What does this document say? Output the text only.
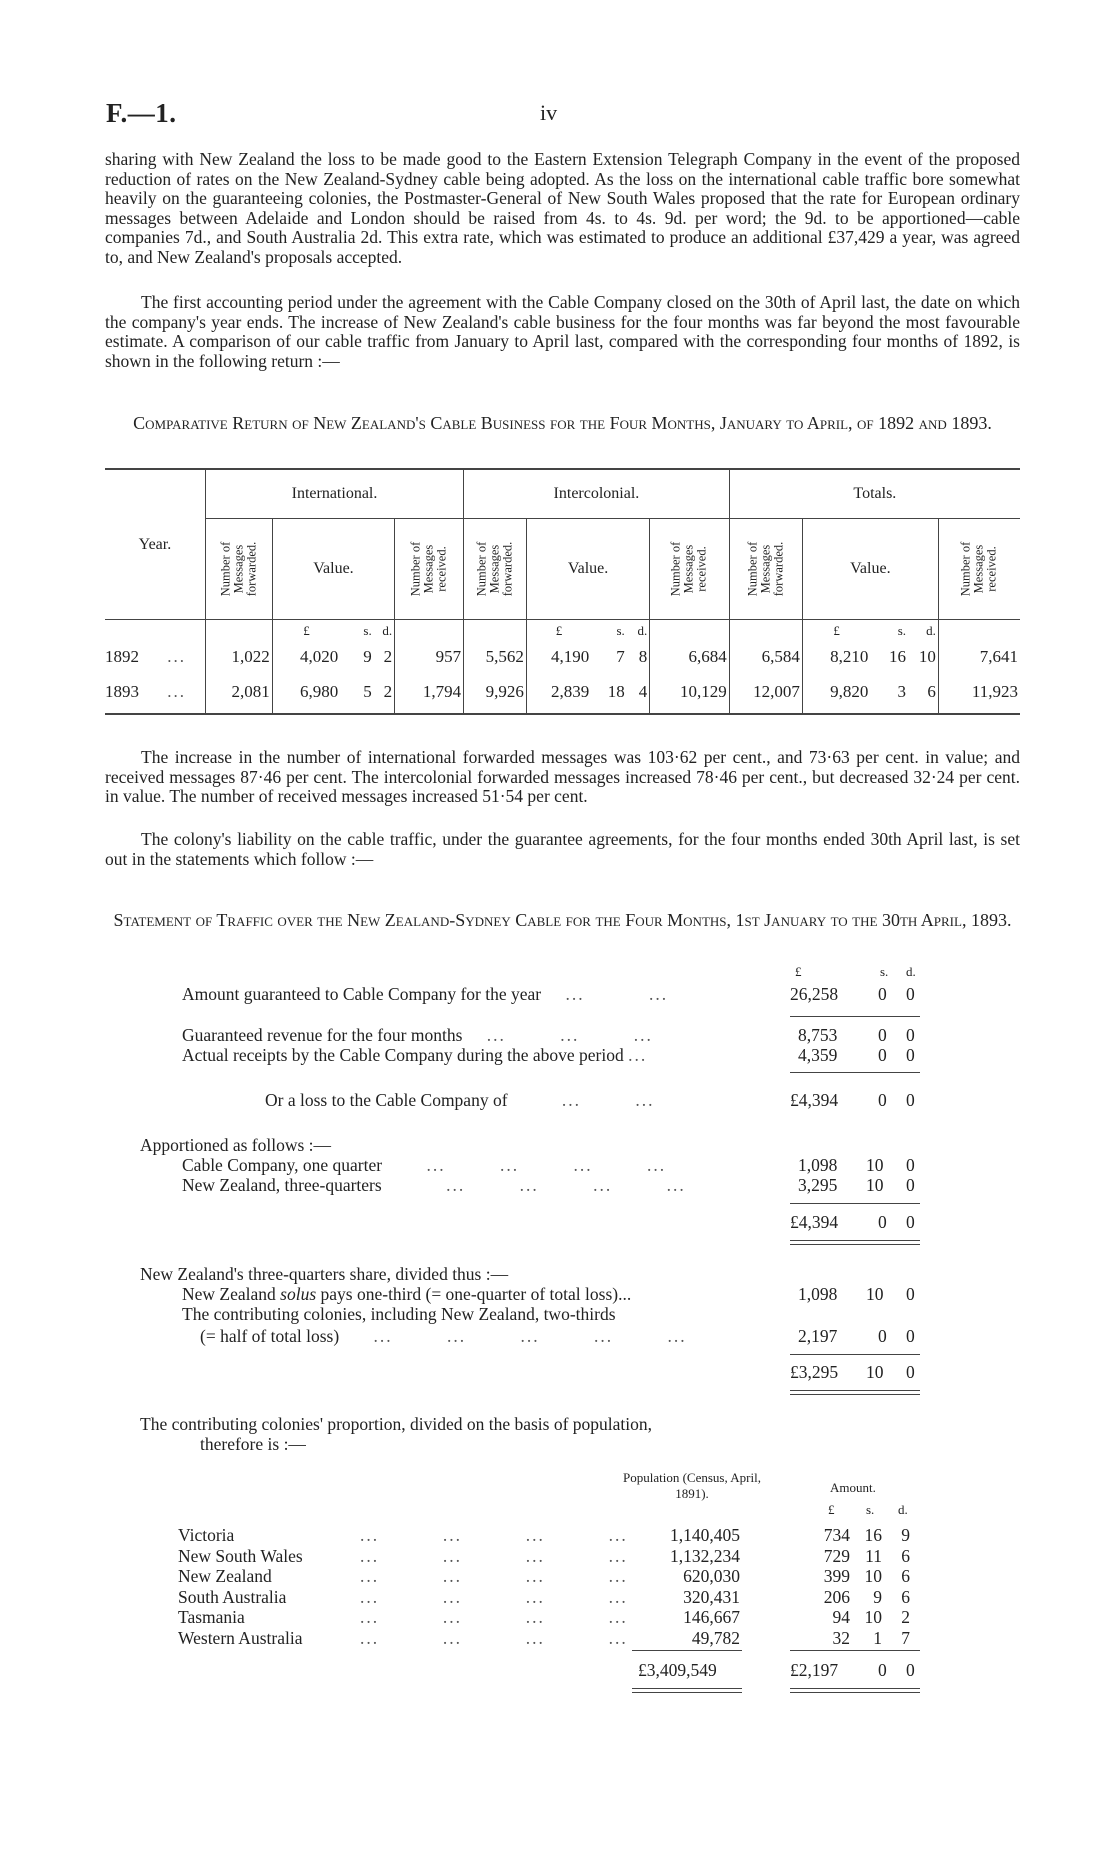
F.—1.	iv

sharing with New Zealand the loss to be made good to the Eastern Extension Telegraph Company in the event of the proposed reduction of rates on the New Zealand-Sydney cable being adopted. As the loss on the international cable traffic bore somewhat heavily on the guaranteeing colonies, the Postmaster-General of New South Wales proposed that the rate for European ordinary messages between Adelaide and London should be raised from 4s. to 4s. 9d. per word; the 9d. to be apportioned—cable companies 7d., and South Australia 2d. This extra rate, which was estimated to produce an additional £37,429 a year, was agreed to, and New Zealand's proposals accepted.

The first accounting period under the agreement with the Cable Company closed on the 30th of April last, the date on which the company's year ends. The increase of New Zealand's cable business for the four months was far beyond the most favourable estimate. A comparison of our cable traffic from January to April last, compared with the corresponding four months of 1892, is shown in the following return :—

Comparative Return of New Zealand's Cable Business for the Four Months, January to April, of 1892 and 1893.
Year.	International.					Intercolonial.					Totals.				

	Number of Messages forwarded.	Value.			Number of Messages received.	Number of Messages forwarded.	Value.			Number of Messages received.	Number of Messages forwarded.	Value.			Number of Messages received.

		£	s.	d.			£	s.	d.			£	s.	d.	
1892 ...	1,022	4,020	9	2	957	5,562	4,190	7	8	6,684	6,584	8,210	16	10	7,641
1893 ...	2,081	6,980	5	2	1,794	9,926	2,839	18	4	10,129	12,007	9,820	3	6	11,923

The increase in the number of international forwarded messages was 103·62 per cent., and 73·63 per cent. in value; and received messages 87·46 per cent. The intercolonial forwarded messages increased 78·46 per cent., but decreased 32·24 per cent. in value. The number of received messages increased 51·54 per cent.

The colony's liability on the cable traffic, under the guarantee agreements, for the four months ended 30th April last, is set out in the statements which follow :—

Statement of Traffic over the New Zealand-Sydney Cable for the Four Months, 1st January to the 30th April, 1893.
£	s. d.
Amount guaranteed to Cable Company for the year ...	...	26,258 0 0
Guaranteed revenue for the four months ...	...	...	8,753 0 0
Actual receipts by the Cable Company during the above period ...	4,359 0 0
Or a loss to the Cable Company of	...	...	£4,394 0 0
Apportioned as follows :—
Cable Company, one quarter	...	...	...	...	1,098 10 0
New Zealand, three-quarters	...	...	...	...	3,295 10 0
£4,394 0 0
New Zealand's three-quarters share, divided thus :—
New Zealand solus pays one-third (= one-quarter of total loss)...	1,098 10 0
The contributing colonies, including New Zealand, two-thirds
(= half of total loss) ...	...	...	...	...	2,197 0 0
£3,295 10 0
The contributing colonies' proportion, divided on the basis of population,
therefore is :—
Population (Census, April, 1891).	Amount.
£ s. d.
Victoria	...          ...          ...          ...	1,140,405	734 16	9
New South Wales	...          ...          ...          ...	1,132,234	729 11	6
New Zealand	...          ...          ...          ...	620,030	399 10	6
South Australia	...          ...          ...          ...	320,431	206	9	6
Tasmania	...          ...          ...          ...	146,667	94 10	2
Western Australia	...          ...          ...          ...	49,782	32	1	7
£3,409,549	£2,197 0 0
